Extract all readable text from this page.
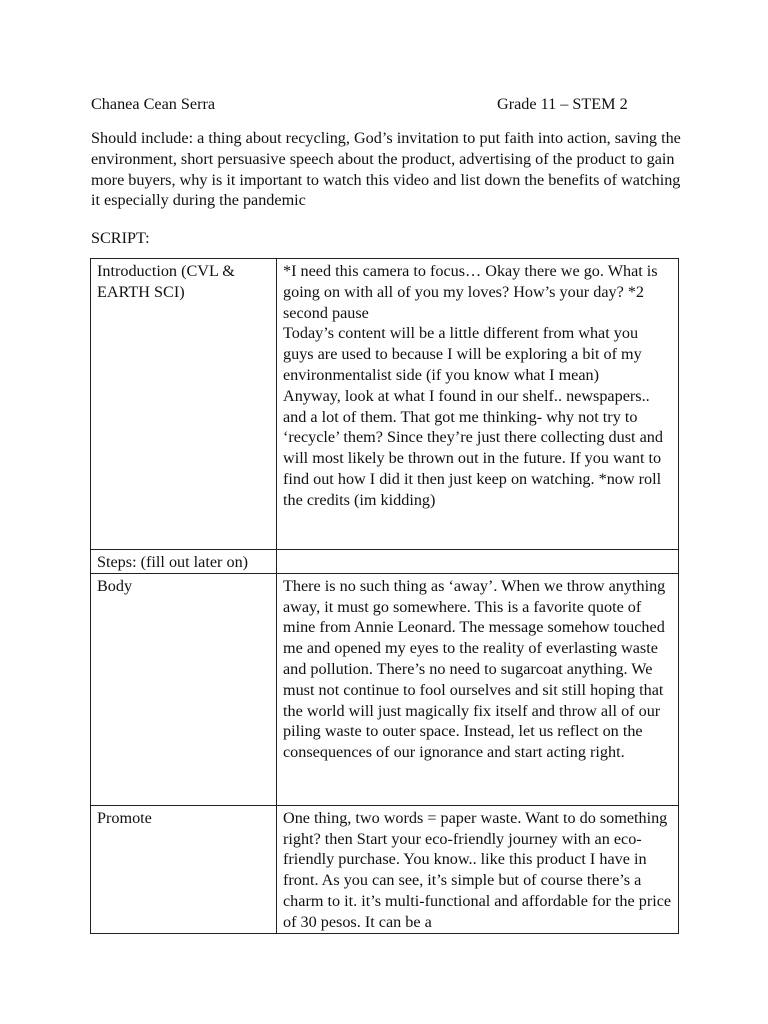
Chanea Cean Serra	Grade 11 – STEM 2

Should include: a thing about recycling, God’s invitation to put faith into action, saving the environment, short persuasive speech about the product, advertising of the product to gain more buyers, why is it important to watch this video and list down the benefits of watching it especially during the pandemic

SCRIPT:

Introduction (CVL & EARTH SCI)	*I need this camera to focus… Okay there we go. What is going on with all of you my loves? How’s your day? *2 second pause

Today’s content will be a little different from what you guys are used to because I will be exploring a bit of my environmentalist side (if you know what I mean)

Anyway, look at what I found in our shelf.. newspapers.. and a lot of them. That got me thinking- why not try to ‘recycle’ them? Since they’re just there collecting dust and will most likely be thrown out in the future. If you want to find out how I did it then just keep on watching. *now roll the credits (im kidding)

Steps: (fill out later on)	

Body	There is no such thing as ‘away’. When we throw anything away, it must go somewhere. This is a favorite quote of mine from Annie Leonard. The message somehow touched me and opened my eyes to the reality of everlasting waste and pollution. There’s no need to sugarcoat anything. We must not continue to fool ourselves and sit still hoping that the world will just magically fix itself and throw all of our piling waste to outer space. Instead, let us reflect on the consequences of our ignorance and start acting right.

Promote	One thing, two words = paper waste. Want to do something right? then Start your eco-friendly journey with an eco-friendly purchase. You know.. like this product I have in front. As you can see, it’s simple but of course there’s a charm to it. it’s multi-functional and affordable for the price of 30 pesos. It can be a
